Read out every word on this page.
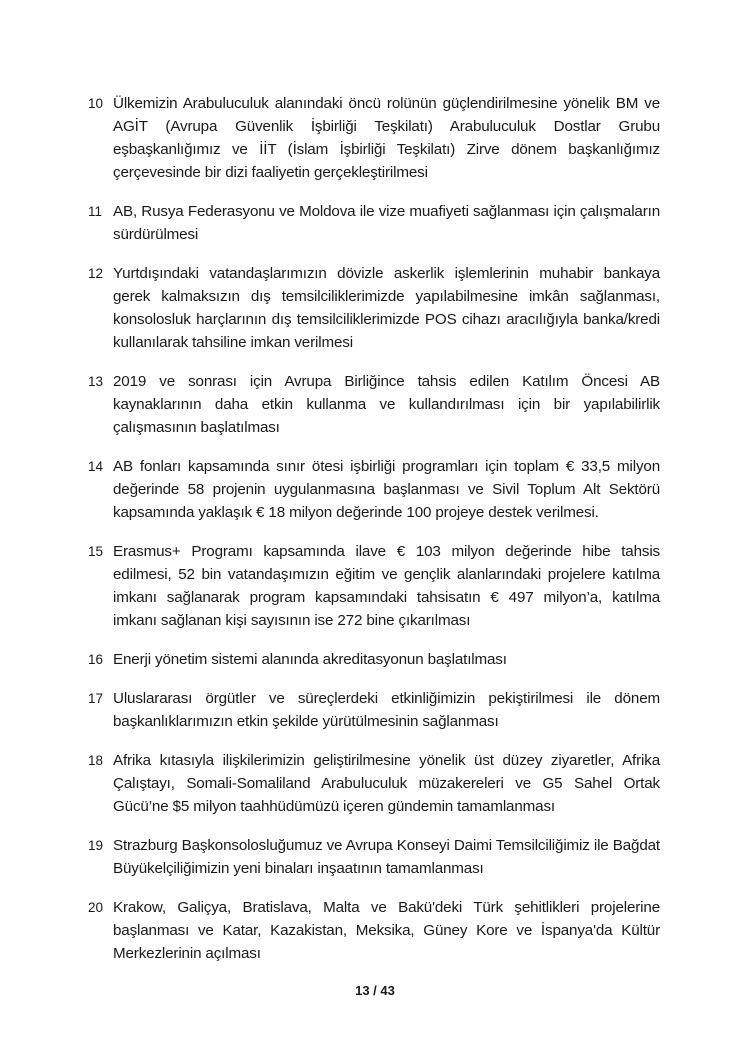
10 Ülkemizin Arabuluculuk alanındaki öncü rolünün güçlendirilmesine yönelik BM ve AGİT (Avrupa Güvenlik İşbirliği Teşkilatı) Arabuluculuk Dostlar Grubu eşbaşkanlığımız ve İİT (İslam İşbirliği Teşkilatı) Zirve dönem başkanlığımız çerçevesinde bir dizi faaliyetin gerçekleştirilmesi
11 AB, Rusya Federasyonu ve Moldova ile vize muafiyeti sağlanması için çalışmaların sürdürülmesi
12 Yurtdışındaki vatandaşlarımızın dövizle askerlik işlemlerinin muhabir bankaya gerek kalmaksızın dış temsilciliklerimizde yapılabilmesine imkân sağlanması, konsolosluk harçlarının dış temsilciliklerimizde POS cihazı aracılığıyla banka/kredi kullanılarak tahsiline imkan verilmesi
13 2019 ve sonrası için Avrupa Birliğince tahsis edilen Katılım Öncesi AB kaynaklarının daha etkin kullanma ve kullandırılması için bir yapılabilirlik çalışmasının başlatılması
14 AB fonları kapsamında sınır ötesi işbirliği programları için toplam € 33,5 milyon değerinde 58 projenin uygulanmasına başlanması ve Sivil Toplum Alt Sektörü kapsamında yaklaşık € 18 milyon değerinde 100 projeye destek verilmesi.
15 Erasmus+ Programı kapsamında ilave € 103 milyon değerinde hibe tahsis edilmesi, 52 bin vatandaşımızın eğitim ve gençlik alanlarındaki projelere katılma imkanı sağlanarak program kapsamındaki tahsisatın € 497 milyon’a, katılma imkanı sağlanan kişi sayısının ise 272 bine çıkarılması
16 Enerji yönetim sistemi alanında akreditasyonun başlatılması
17 Uluslararası örgütler ve süreçlerdeki etkinliğimizin pekiştirilmesi ile dönem başkanlıklarımızın etkin şekilde yürütülmesinin sağlanması
18 Afrika kıtasıyla ilişkilerimizin geliştirilmesine yönelik üst düzey ziyaretler, Afrika Çalıştayı, Somali-Somaliland Arabuluculuk müzakereleri ve G5 Sahel Ortak Gücü’ne $5 milyon taahhüdümüzü içeren gündemin tamamlanması
19 Strazburg Başkonsolosluğumuz ve Avrupa Konseyi Daimi Temsilciliğimiz ile Bağdat Büyükelçiliğimizin yeni binaları inşaatının tamamlanması
20 Krakow, Galiçya, Bratislava, Malta ve Bakü'deki Türk şehitlikleri projelerine başlanması ve Katar, Kazakistan, Meksika, Güney Kore ve İspanya'da Kültür Merkezlerinin açılması
13 / 43
